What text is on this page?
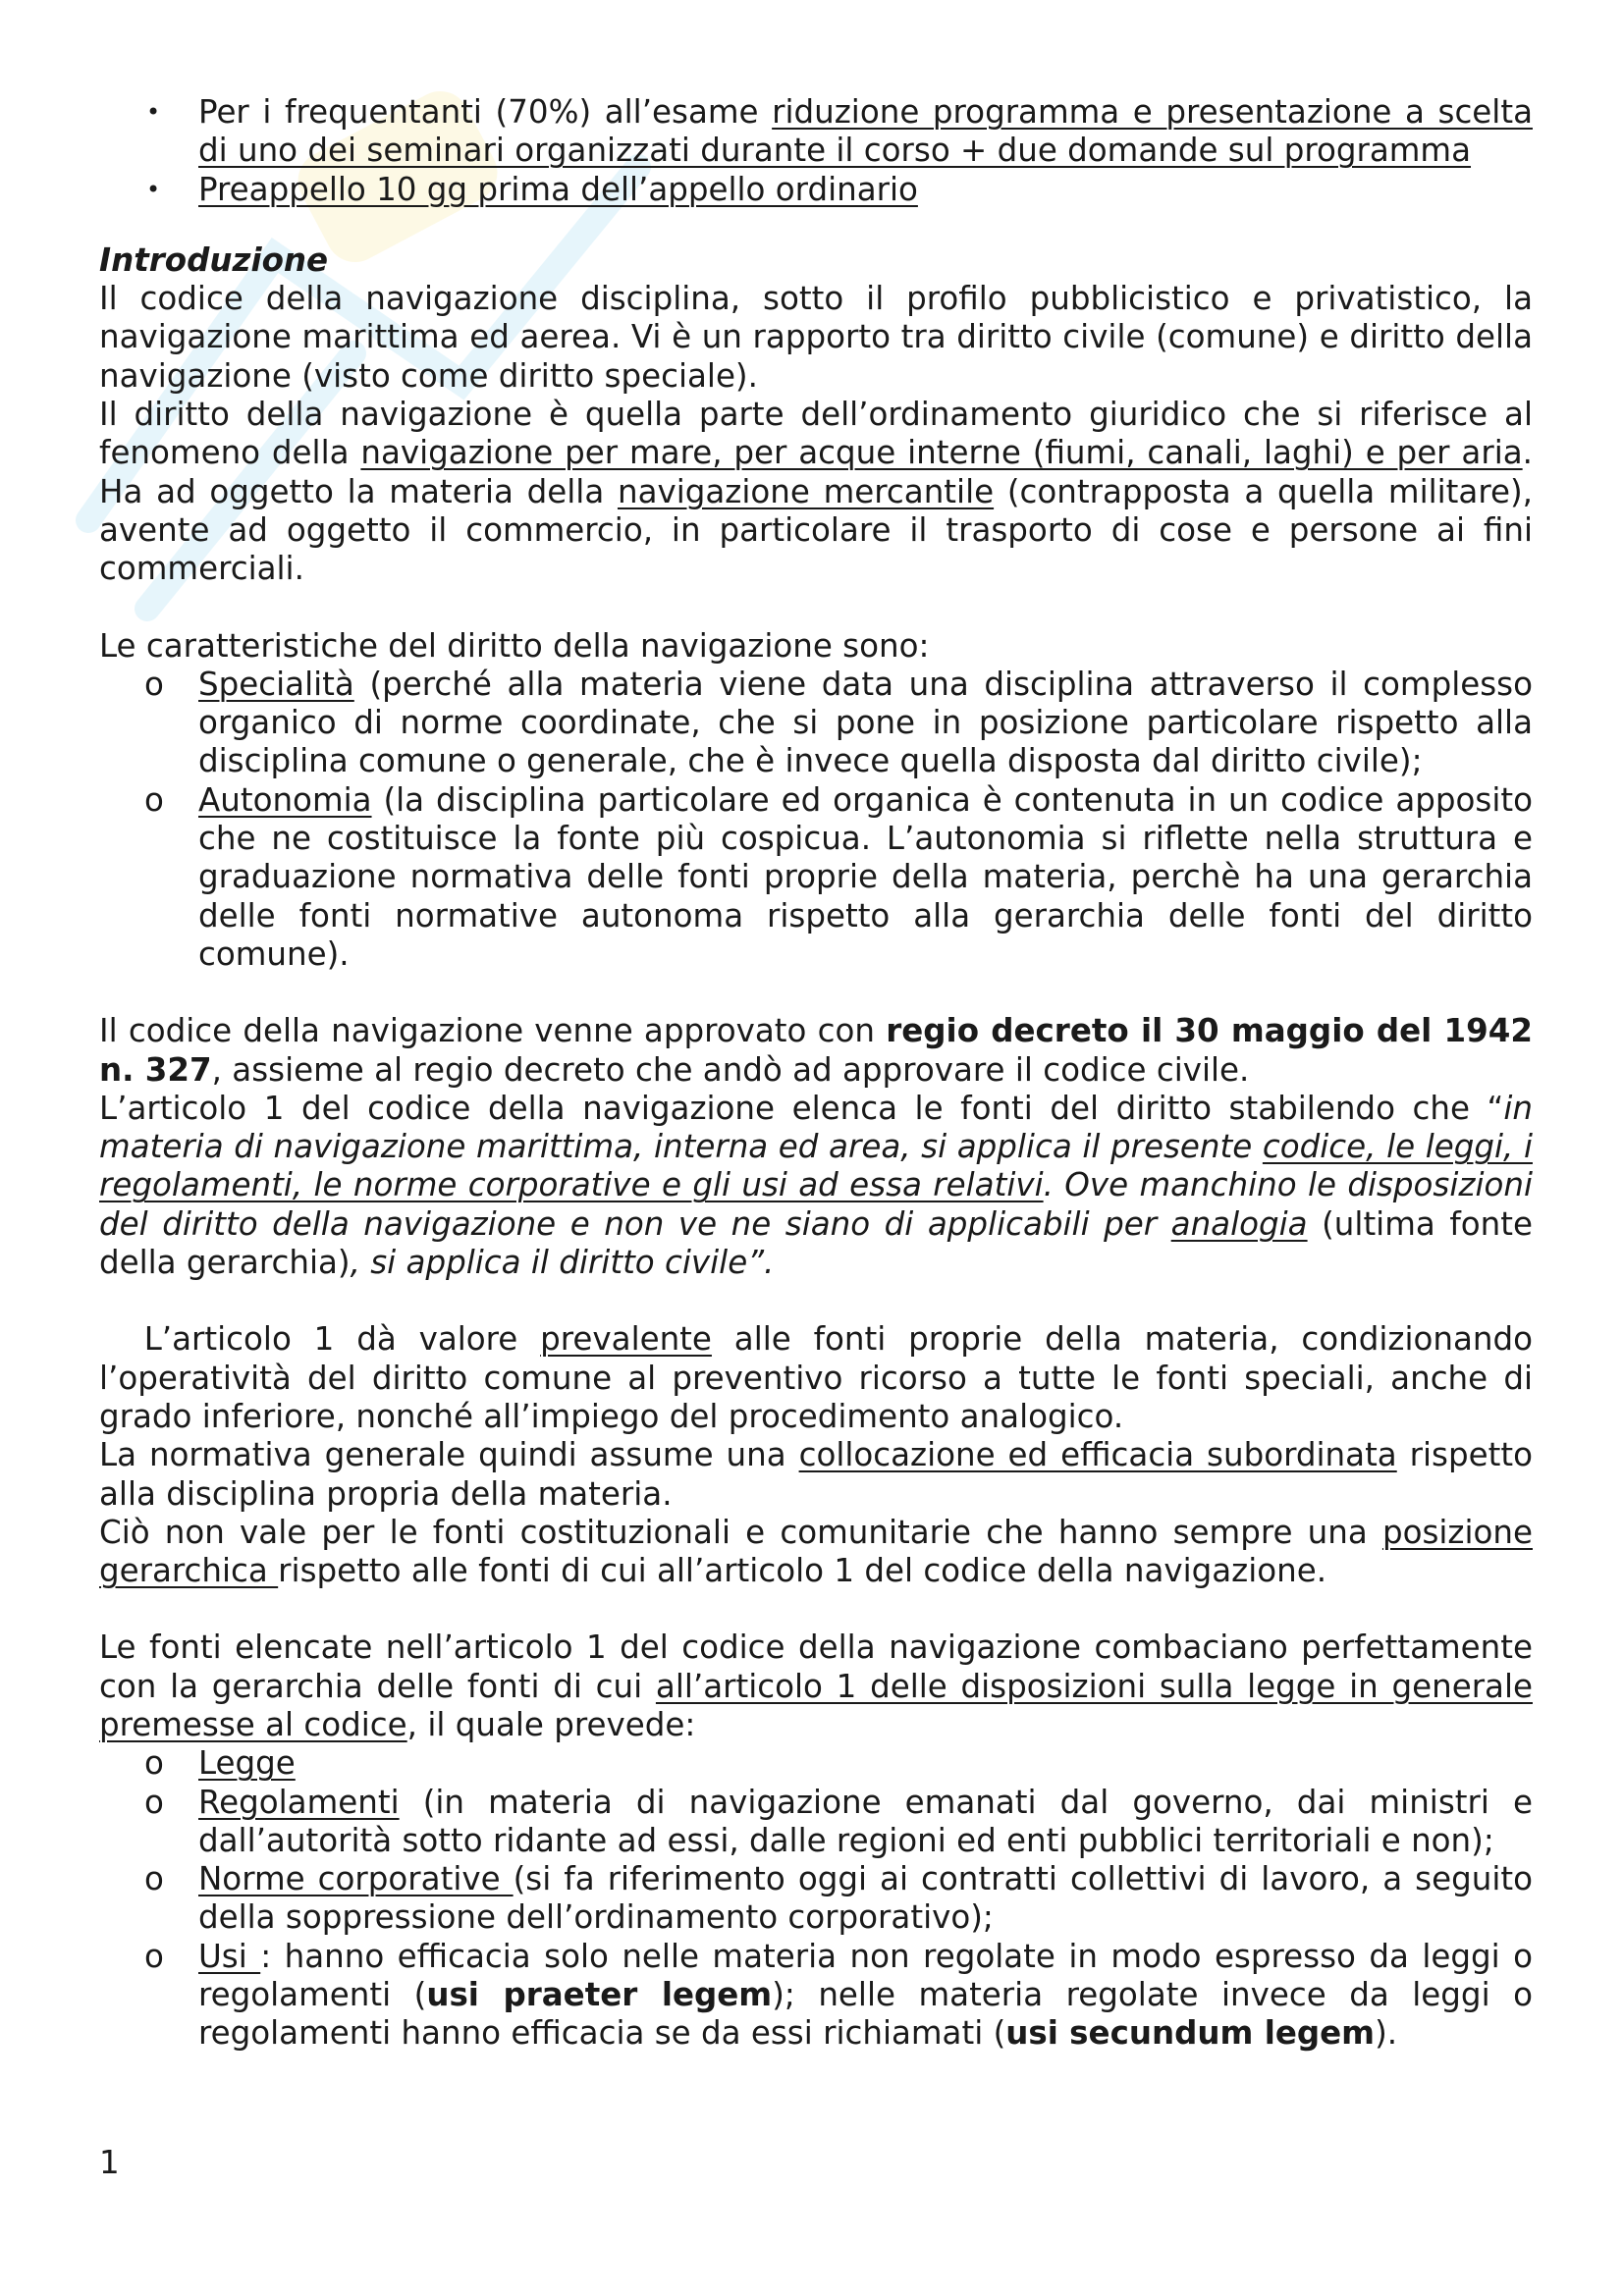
• Per i frequentanti (70%) all’esame riduzione programma e presentazione a scelta di uno dei seminari organizzati durante il corso + due domande sul programma
• Preappello 10 gg prima dell’appello ordinario

Introduzione

Il codice della navigazione disciplina, sotto il profilo pubblicistico e privatistico, la navigazione marittima ed aerea. Vi è un rapporto tra diritto civile (comune) e diritto della navigazione (visto come diritto speciale).

Il diritto della navigazione è quella parte dell’ordinamento giuridico che si riferisce al fenomeno della navigazione per mare, per acque interne (fiumi, canali, laghi) e per aria. Ha ad oggetto la materia della navigazione mercantile (contrapposta a quella militare), avente ad oggetto il commercio, in particolare il trasporto di cose e persone ai fini commerciali.

Le caratteristiche del diritto della navigazione sono:

o Specialità (perché alla materia viene data una disciplina attraverso il complesso organico di norme coordinate, che si pone in posizione particolare rispetto alla disciplina comune o generale, che è invece quella disposta dal diritto civile);
o Autonomia (la disciplina particolare ed organica è contenuta in un codice apposito che ne costituisce la fonte più cospicua. L’autonomia si riflette nella struttura e graduazione normativa delle fonti proprie della materia, perchè ha una gerarchia delle fonti normative autonoma rispetto alla gerarchia delle fonti del diritto comune).

Il codice della navigazione venne approvato con regio decreto il 30 maggio del 1942 n. 327, assieme al regio decreto che andò ad approvare il codice civile.

L’articolo 1 del codice della navigazione elenca le fonti del diritto stabilendo che “in materia di navigazione marittima, interna ed area, si applica il presente codice, le leggi, i regolamenti, le norme corporative e gli usi ad essa relativi. Ove manchino le disposizioni del diritto della navigazione e non ve ne siano di applicabili per analogia (ultima fonte della gerarchia), si applica il diritto civile”.

L’articolo 1 dà valore prevalente alle fonti proprie della materia, condizionando l’operatività del diritto comune al preventivo ricorso a tutte le fonti speciali, anche di grado inferiore, nonché all’impiego del procedimento analogico.

La normativa generale quindi assume una collocazione ed efficacia subordinata rispetto alla disciplina propria della materia.

Ciò non vale per le fonti costituzionali e comunitarie che hanno sempre una posizione gerarchica rispetto alle fonti di cui all’articolo 1 del codice della navigazione.

Le fonti elencate nell’articolo 1 del codice della navigazione combaciano perfettamente con la gerarchia delle fonti di cui all’articolo 1 delle disposizioni sulla legge in generale premesse al codice, il quale prevede:

o Legge
o Regolamenti (in materia di navigazione emanati dal governo, dai ministri e dall’autorità sotto ridante ad essi, dalle regioni ed enti pubblici territoriali e non);
o Norme corporative (si fa riferimento oggi ai contratti collettivi di lavoro, a seguito della soppressione dell’ordinamento corporativo);
o Usi : hanno efficacia solo nelle materia non regolate in modo espresso da leggi o regolamenti (usi praeter legem); nelle materia regolate invece da leggi o regolamenti hanno efficacia se da essi richiamati (usi secundum legem).
1
